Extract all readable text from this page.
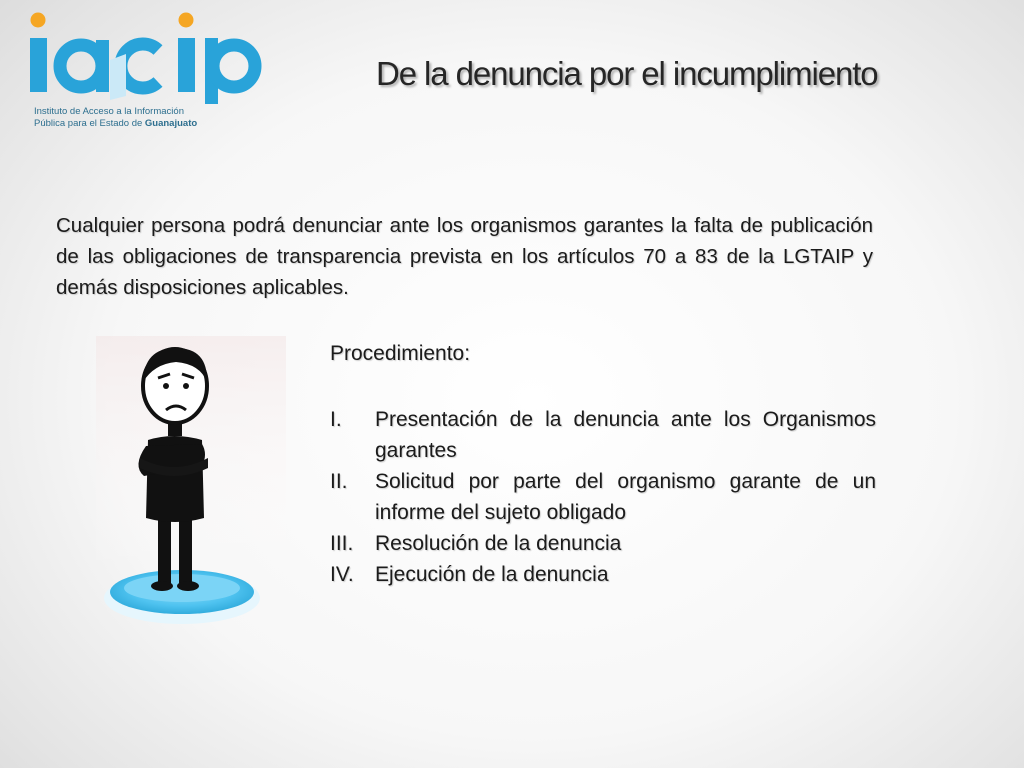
Instituto de Acceso a la Información
Pública para el Estado de Guanajuato
De la denuncia por el incumplimiento

Cualquier persona podrá denunciar ante los organismos garantes la falta de publicación de las obligaciones de transparencia prevista en los artículos 70 a 83 de la LGTAIP y demás disposiciones aplicables.

Procedimiento:
I. Presentación de la denuncia ante los Organismos garantes
II. Solicitud por parte del organismo garante de un informe del sujeto obligado
III. Resolución de la denuncia
IV. Ejecución de la denuncia
